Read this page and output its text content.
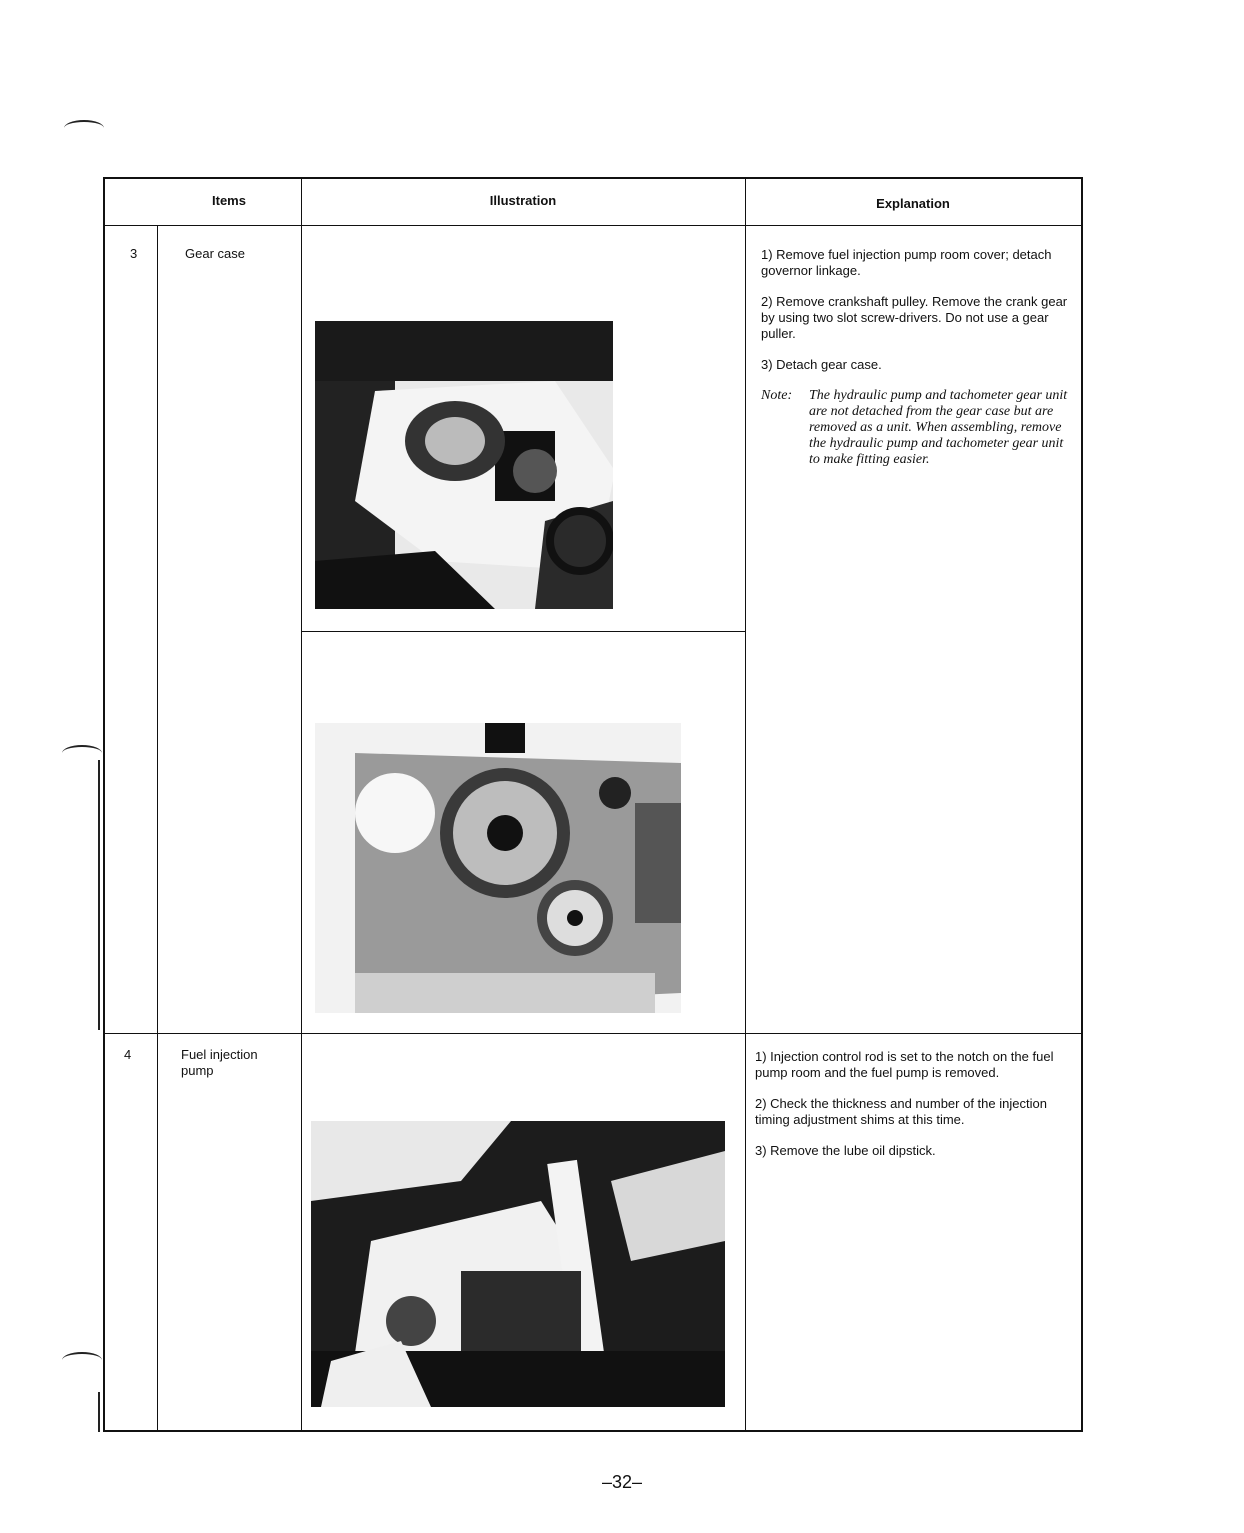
Items	Illustration	Explanation
3	Gear case	1) Remove fuel injection pump room cover; detach governor linkage.

2) Remove crankshaft pulley. Remove the crank gear by using two slot screw-drivers. Do not use a gear puller.

3) Detach gear case.

Note:	The hydraulic pump and tachometer gear unit are not detached from the gear case but are removed as a unit. When assembling, remove the hydraulic pump and tachometer gear unit to make fitting easier.
4	Fuel injection pump

1) Injection control rod is set to the notch on the fuel pump room and the fuel pump is removed.

2) Check the thickness and number of the injection timing adjustment shims at this time.

3) Remove the lube oil dipstick.

–32–
